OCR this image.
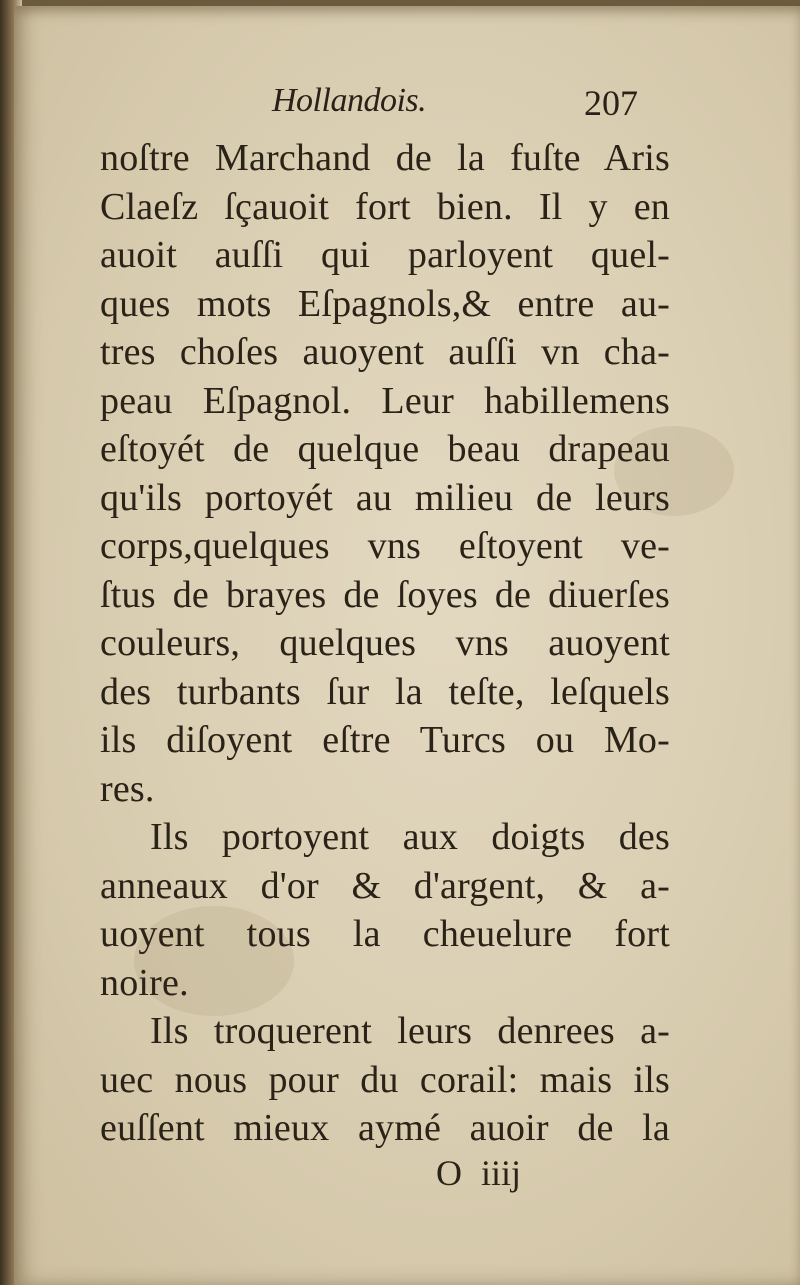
Hollandois.	207
noſtre Marchand de la fuſte Aris
Claeſz ſçauoit fort bien. Il y en
auoit auſſi qui parloyent quel-
ques mots Eſpagnols,& entre au-
tres choſes auoyent auſſi vn cha-
peau Eſpagnol. Leur habillemens
eſtoyét de quelque beau drapeau
qu'ils portoyét au milieu de leurs
corps,quelques vns eſtoyent ve-
ſtus de brayes de ſoyes de diuerſes
couleurs, quelques vns auoyent
des turbants ſur la teſte, leſquels
ils diſoyent eſtre Turcs ou Mo-
res.
Ils portoyent aux doigts des
anneaux d'or & d'argent, & a-
uoyent tous la cheuelure fort
noire.
Ils troquerent leurs denrees a-
uec nous pour du corail: mais ils
euſſent mieux aymé auoir de la
O iiij
